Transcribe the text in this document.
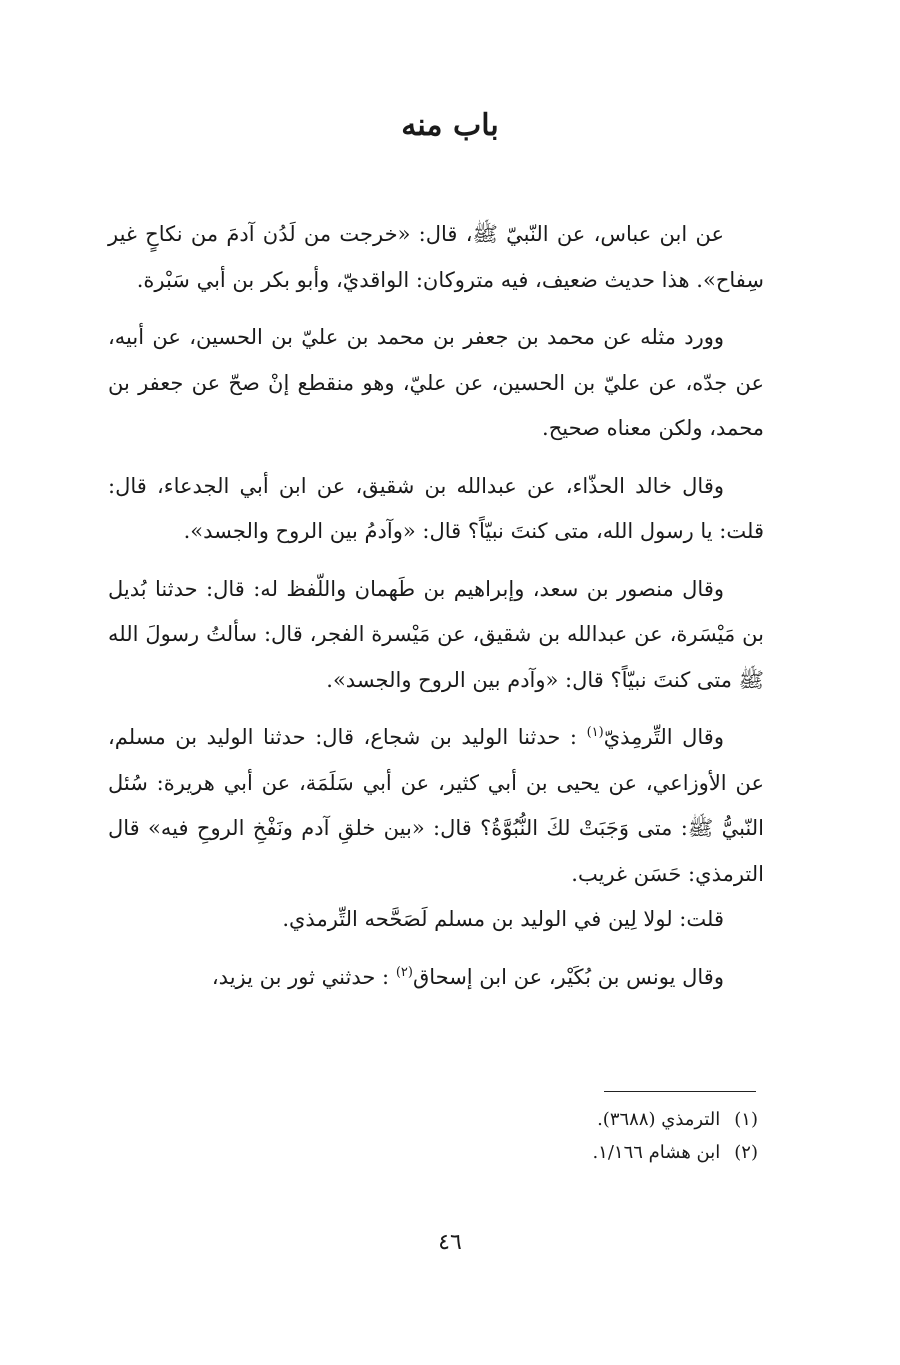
باب منه

عن ابن عباس، عن النّبيّ ﷺ، قال: «خرجت من لَدُن آدمَ من نكاحٍ غير سِفاح». هذا حديث ضعيف، فيه متروكان: الواقديّ، وأبو بكر بن أبي سَبْرة.

وورد مثله عن محمد بن جعفر بن محمد بن عليّ بن الحسين، عن أبيه، عن جدّه، عن عليّ بن الحسين، عن عليّ، وهو منقطع إنْ صحّ عن جعفر بن محمد، ولكن معناه صحيح.

وقال خالد الحذّاء، عن عبدالله بن شقيق، عن ابن أبي الجدعاء، قال: قلت: يا رسول الله، متى كنتَ نبيّاً؟ قال: «وآدمُ بين الروح والجسد».

وقال منصور بن سعد، وإبراهيم بن طَهمان واللّفظ له: قال: حدثنا بُديل بن مَيْسَرة، عن عبدالله بن شقيق، عن مَيْسرة الفجر، قال: سألتُ رسولَ الله ﷺ متى كنتَ نبيّاً؟ قال: «وآدم بين الروح والجسد».

وقال التِّرمِذيّ$^{(١)}$ : حدثنا الوليد بن شجاع، قال: حدثنا الوليد بن مسلم، عن الأوزاعي، عن يحيى بن أبي كثير، عن أبي سَلَمَة، عن أبي هريرة: سُئل النّبيُّ ﷺ: متى وَجَبَتْ لكَ النُّبُوَّةُ؟ قال: «بين خلقِ آدم ونَفْخِ الروحِ فيه» قال الترمذي: حَسَن غريب.

قلت: لولا لِين في الوليد بن مسلم لَصَحَّحه التِّرمذي.

وقال يونس بن بُكَيْر، عن ابن إسحاق$^{(٢)}$ : حدثني ثور بن يزيد،

(١)الترمذي (٣٦٨٨).

(٢)ابن هشام ١/١٦٦.

٤٦
